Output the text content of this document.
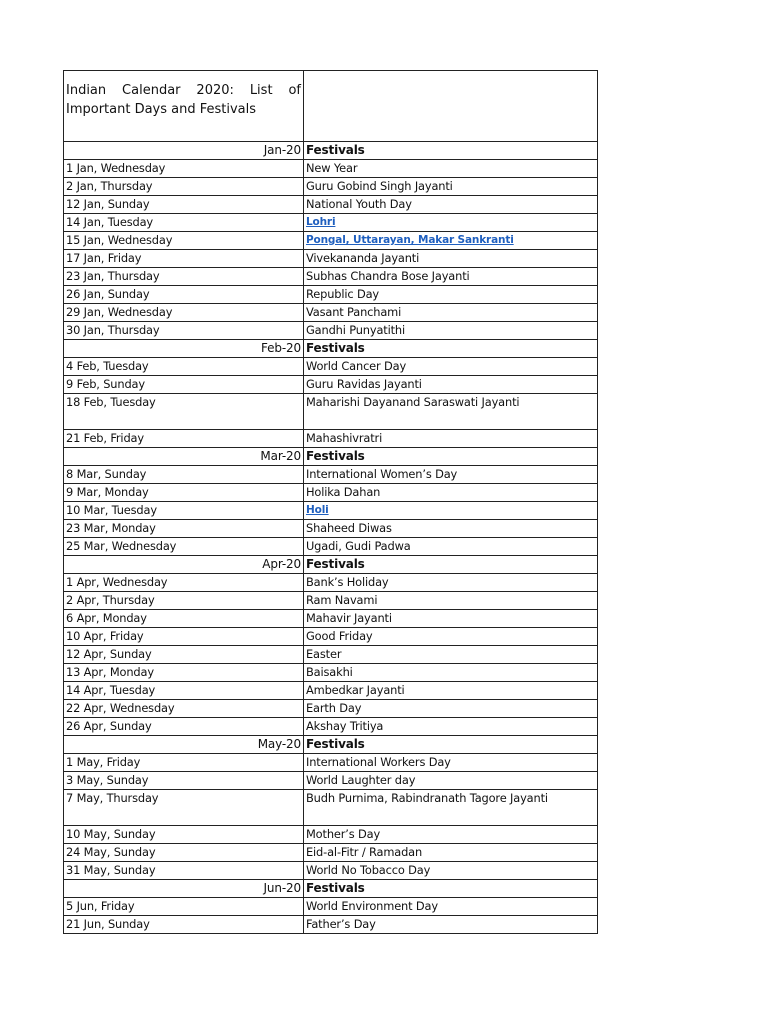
Indian Calendar 2020: List of Important Days and Festivals	
Jan-20	Festivals
1 Jan, Wednesday	New Year
2 Jan, Thursday	Guru Gobind Singh Jayanti
12 Jan, Sunday	National Youth Day
14 Jan, Tuesday	Lohri
15 Jan, Wednesday	Pongal, Uttarayan, Makar Sankranti
17 Jan, Friday	Vivekananda Jayanti
23 Jan, Thursday	Subhas Chandra Bose Jayanti
26 Jan, Sunday	Republic Day
29 Jan, Wednesday	Vasant Panchami
30 Jan, Thursday	Gandhi Punyatithi
Feb-20	Festivals
4 Feb, Tuesday	World Cancer Day
9 Feb, Sunday	Guru Ravidas Jayanti
18 Feb, Tuesday	Maharishi Dayanand Saraswati Jayanti
21 Feb, Friday	Mahashivratri
Mar-20	Festivals
8 Mar, Sunday	International Women’s Day
9 Mar, Monday	Holika Dahan
10 Mar, Tuesday	Holi
23 Mar, Monday	Shaheed Diwas
25 Mar, Wednesday	Ugadi, Gudi Padwa
Apr-20	Festivals
1 Apr, Wednesday	Bank’s Holiday
2 Apr, Thursday	Ram Navami
6 Apr, Monday	Mahavir Jayanti
10 Apr, Friday	Good Friday
12 Apr, Sunday	Easter
13 Apr, Monday	Baisakhi
14 Apr, Tuesday	Ambedkar Jayanti
22 Apr, Wednesday	Earth Day
26 Apr, Sunday	Akshay Tritiya
May-20	Festivals
1 May, Friday	International Workers Day
3 May, Sunday	World Laughter day
7 May, Thursday	Budh Purnima, Rabindranath Tagore Jayanti
10 May, Sunday	Mother’s Day
24 May, Sunday	Eid-al-Fitr / Ramadan
31 May, Sunday	World No Tobacco Day
Jun-20	Festivals
5 Jun, Friday	World Environment Day
21 Jun, Sunday	Father’s Day
